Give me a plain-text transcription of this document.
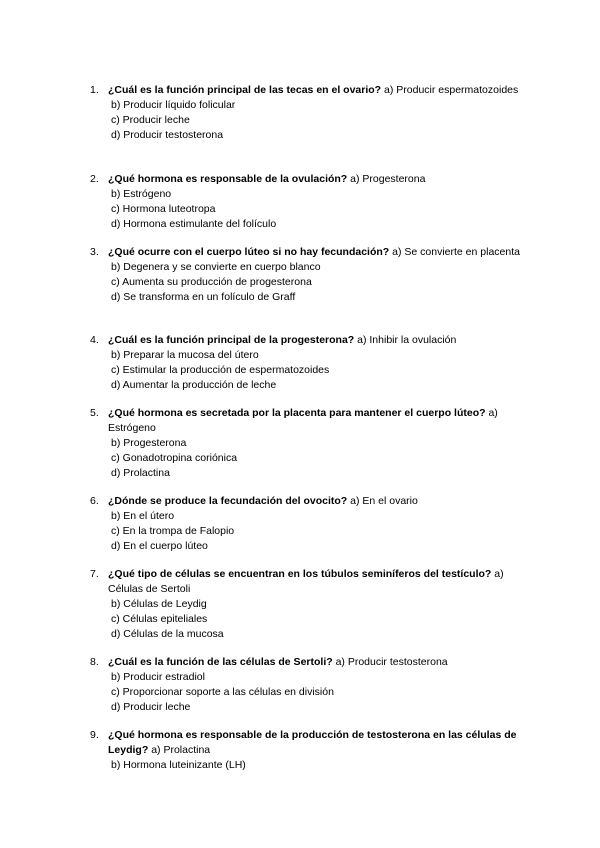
1. ¿Cuál es la función principal de las tecas en el ovario? a) Producir espermatozoides
b) Producir líquido folicular
c) Producir leche
d) Producir testosterona
2. ¿Qué hormona es responsable de la ovulación? a) Progesterona
b) Estrógeno
c) Hormona luteotropa
d) Hormona estimulante del folículo
3. ¿Qué ocurre con el cuerpo lúteo si no hay fecundación? a) Se convierte en placenta
b) Degenera y se convierte en cuerpo blanco
c) Aumenta su producción de progesterona
d) Se transforma en un folículo de Graff
4. ¿Cuál es la función principal de la progesterona? a) Inhibir la ovulación
b) Preparar la mucosa del útero
c) Estimular la producción de espermatozoides
d) Aumentar la producción de leche
5. ¿Qué hormona es secretada por la placenta para mantener el cuerpo lúteo? a) Estrógeno
b) Progesterona
c) Gonadotropina coriónica
d) Prolactina
6. ¿Dónde se produce la fecundación del ovocito? a) En el ovario
b) En el útero
c) En la trompa de Falopio
d) En el cuerpo lúteo
7. ¿Qué tipo de células se encuentran en los túbulos seminíferos del testículo? a) Células de Sertoli
b) Células de Leydig
c) Células epiteliales
d) Células de la mucosa
8. ¿Cuál es la función de las células de Sertoli? a) Producir testosterona
b) Producir estradiol
c) Proporcionar soporte a las células en división
d) Producir leche
9. ¿Qué hormona es responsable de la producción de testosterona en las células de Leydig? a) Prolactina
b) Hormona luteinizante (LH)
